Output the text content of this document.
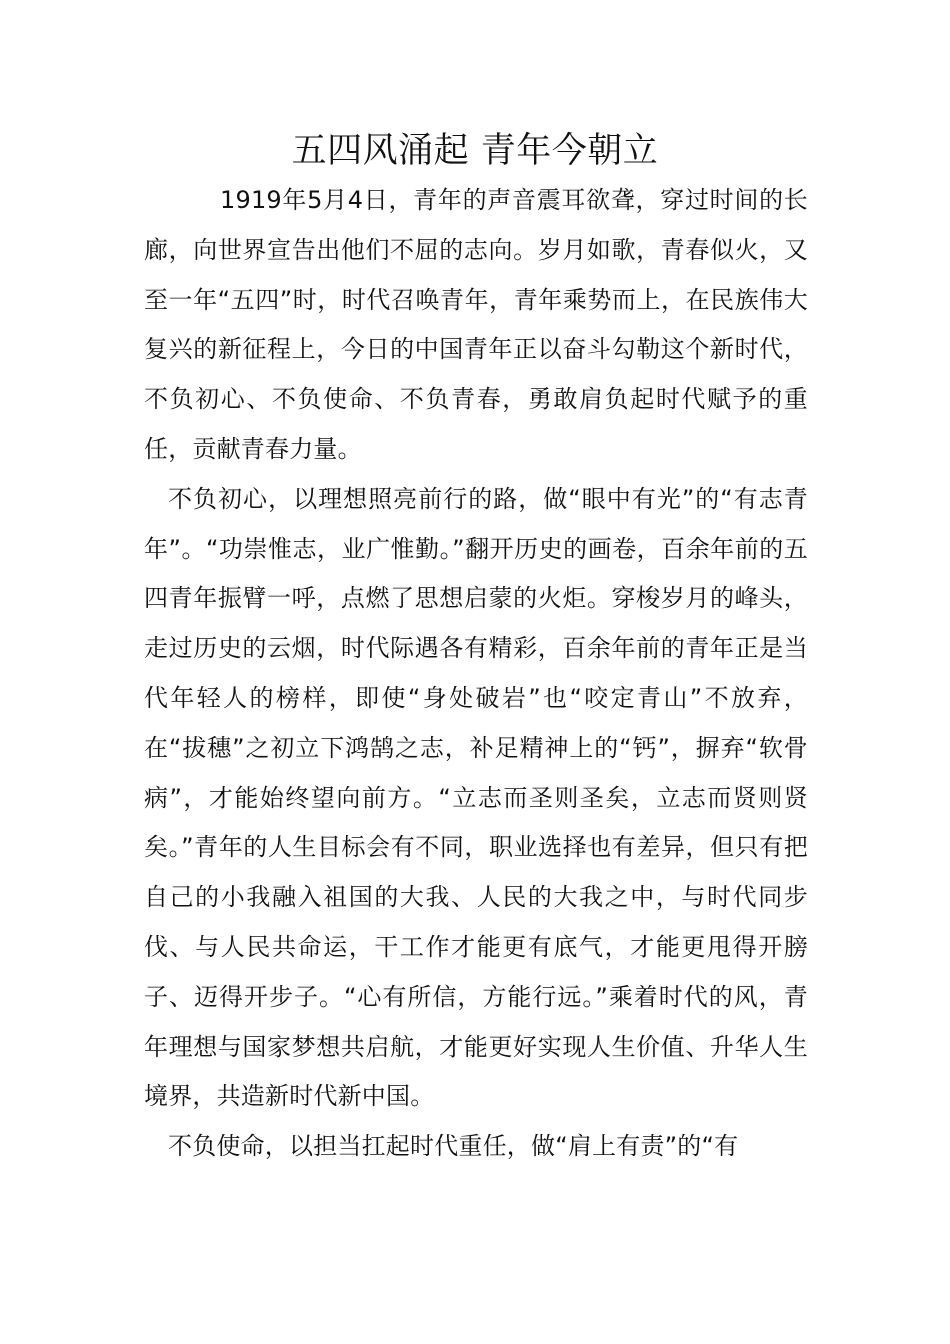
五四风涌起 青年今朝立

1919年5月4日，青年的声音震耳欲聋，穿过时间的长廊，向世界宣告出他们不屈的志向。岁月如歌，青春似火，又至一年“五四”时，时代召唤青年，青年乘势而上，在民族伟大复兴的新征程上，今日的中国青年正以奋斗勾勒这个新时代，不负初心、不负使命、不负青春，勇敢肩负起时代赋予的重任，贡献青春力量。

不负初心，以理想照亮前行的路，做“眼中有光”的“有志青年”。“功崇惟志，业广惟勤。”翻开历史的画卷，百余年前的五四青年振臂一呼，点燃了思想启蒙的火炬。穿梭岁月的峰头，走过历史的云烟，时代际遇各有精彩，百余年前的青年正是当代年轻人的榜样，即使“身处破岩”也“咬定青山”不放弃，在“拔穗”之初立下鸿鹄之志，补足精神上的“钙”，摒弃“软骨病”，才能始终望向前方。“立志而圣则圣矣，立志而贤则贤矣。”青年的人生目标会有不同，职业选择也有差异，但只有把自己的小我融入祖国的大我、人民的大我之中，与时代同步伐、与人民共命运，干工作才能更有底气，才能更甩得开膀子、迈得开步子。“心有所信，方能行远。”乘着时代的风，青年理想与国家梦想共启航，才能更好实现人生价值、升华人生境界，共造新时代新中国。

不负使命，以担当扛起时代重任，做“肩上有责”的“有
